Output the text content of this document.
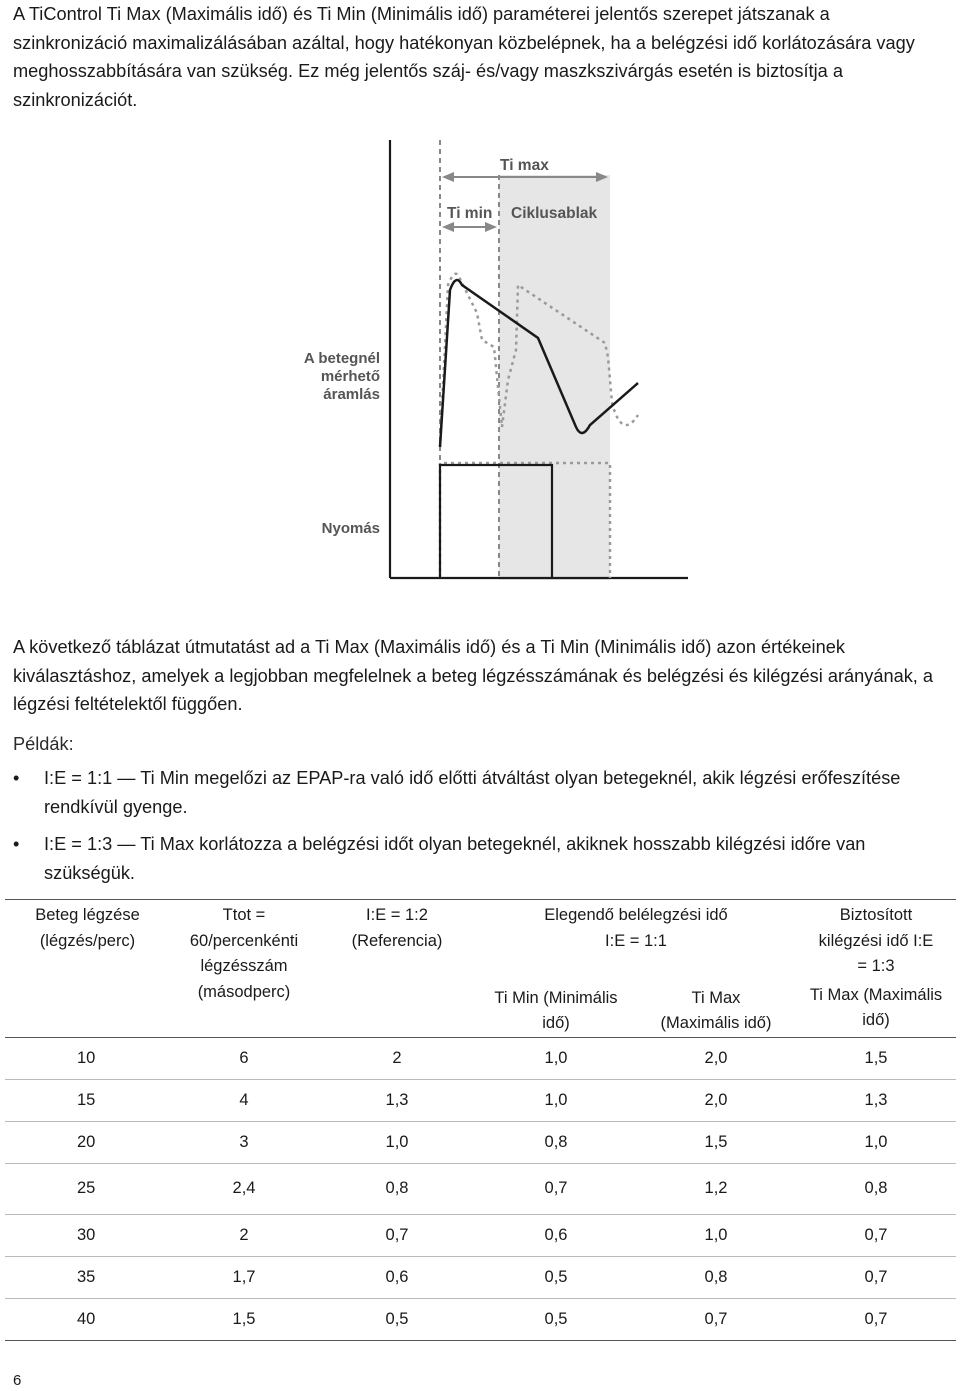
A TiControl Ti Max (Maximális idő) és Ti Min (Minimális idő) paraméterei jelentős szerepet játszanak a szinkronizáció maximalizálásában azáltal, hogy hatékonyan közbelépnek, ha a belégzési idő korlátozására vagy meghosszabbítására van szükség. Ez még jelentős száj- és/vagy maszkszivárgás esetén is biztosítja a szinkronizációt.

Ti max
Ti min Ciklusablak
A betegnél
mérhető
áramlás
Nyomás

A következő táblázat útmutatást ad a Ti Max (Maximális idő) és a Ti Min (Minimális idő) azon értékeinek kiválasztáshoz, amelyek a legjobban megfelelnek a beteg légzésszámának és belégzési és kilégzési arányának, a légzési feltételektől függően.

Példák:
•	I:E = 1:1 — Ti Min megelőzi az EPAP-ra való idő előtti átváltást olyan betegeknél, akik légzési erőfeszítése rendkívül gyenge.
•	I:E = 1:3 — Ti Max korlátozza a belégzési időt olyan betegeknél, akiknek hosszabb kilégzési időre van szükségük.
Beteg légzése (légzés/perc)	Ttot = 60/percenkénti légzésszám (másodperc)	I:E = 1:2 (Referencia)	Elegendő belélegzési idő I:E = 1:1		Biztosított kilégzési idő I:E = 1:3
			Ti Min (Minimális idő)	Ti Max (Maximális idő)	Ti Max (Maximális idő)
10	6	2	1,0	2,0	1,5
15	4	1,3	1,0	2,0	1,3
20	3	1,0	0,8	1,5	1,0
25	2,4	0,8	0,7	1,2	0,8
30	2	0,7	0,6	1,0	0,7
35	1,7	0,6	0,5	0,8	0,7
40	1,5	0,5	0,5	0,7	0,7
6
